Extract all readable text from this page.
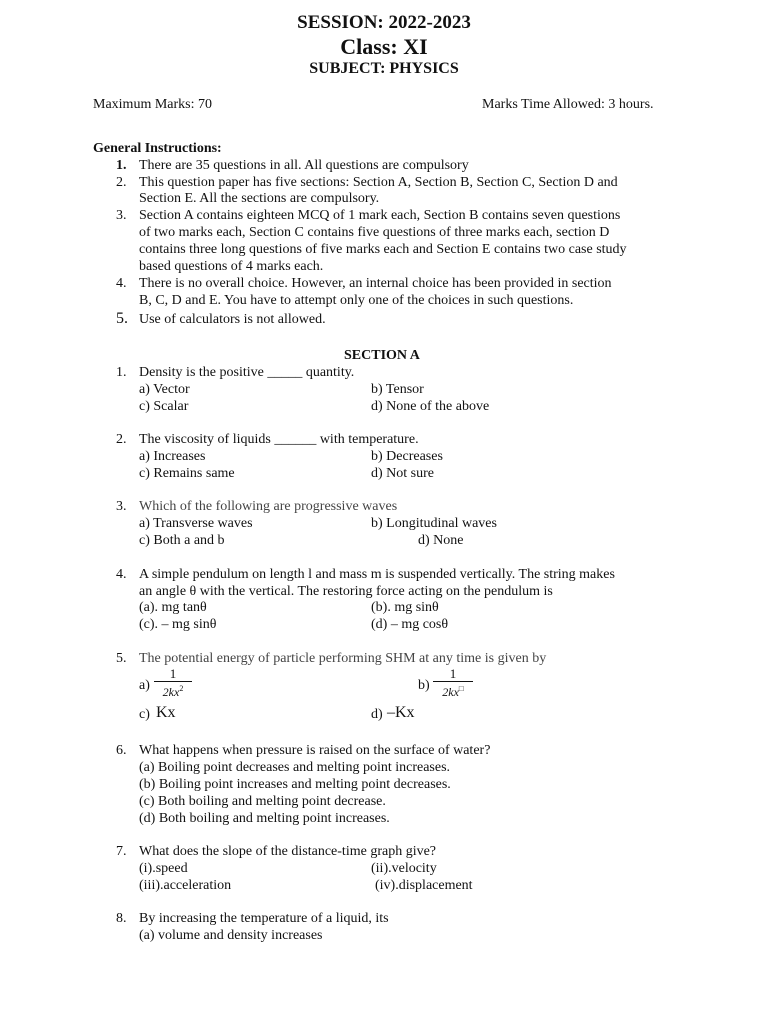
SESSION: 2022-2023
Class: XI
SUBJECT: PHYSICS
Maximum Marks: 70	Marks Time Allowed: 3 hours.
General Instructions:
1. There are 35 questions in all. All questions are compulsory
2. This question paper has five sections: Section A, Section B, Section C, Section D and
Section E. All the sections are compulsory.
3. Section A contains eighteen MCQ of 1 mark each, Section B contains seven questions
of two marks each, Section C contains five questions of three marks each, section D
contains three long questions of five marks each and Section E contains two case study
based questions of 4 marks each.
4. There is no overall choice. However, an internal choice has been provided in section
B, C, D and E. You have to attempt only one of the choices in such questions.
5. Use of calculators is not allowed.
SECTION A
1. Density is the positive _____ quantity.
a) Vector	b) Tensor
c) Scalar	d) None of the above
2. The viscosity of liquids ______ with temperature.
a) Increases	b) Decreases
c) Remains same	d) Not sure
3. Which of the following are progressive waves
a) Transverse waves	b) Longitudinal waves
c) Both a and b	d) None
4. A simple pendulum on length l and mass m is suspended vertically. The string makes
an angle θ with the vertical. The restoring force acting on the pendulum is
(a). mg tanθ	(b). mg sinθ
(c). – mg sinθ	(d) – mg cosθ
5. The potential energy of particle performing SHM at any time is given by
$a) \frac{1}{2kx^2}$	$b) \frac{1}{2kx^□}$
c) Kx	d) –Kx
6. What happens when pressure is raised on the surface of water?
(a) Boiling point decreases and melting point increases.
(b) Boiling point increases and melting point decreases.
(c) Both boiling and melting point decrease.
(d) Both boiling and melting point increases.
7. What does the slope of the distance-time graph give?
(i).speed	(ii).velocity
(iii).acceleration	(iv).displacement
8. By increasing the temperature of a liquid, its
(a) volume and density increases
